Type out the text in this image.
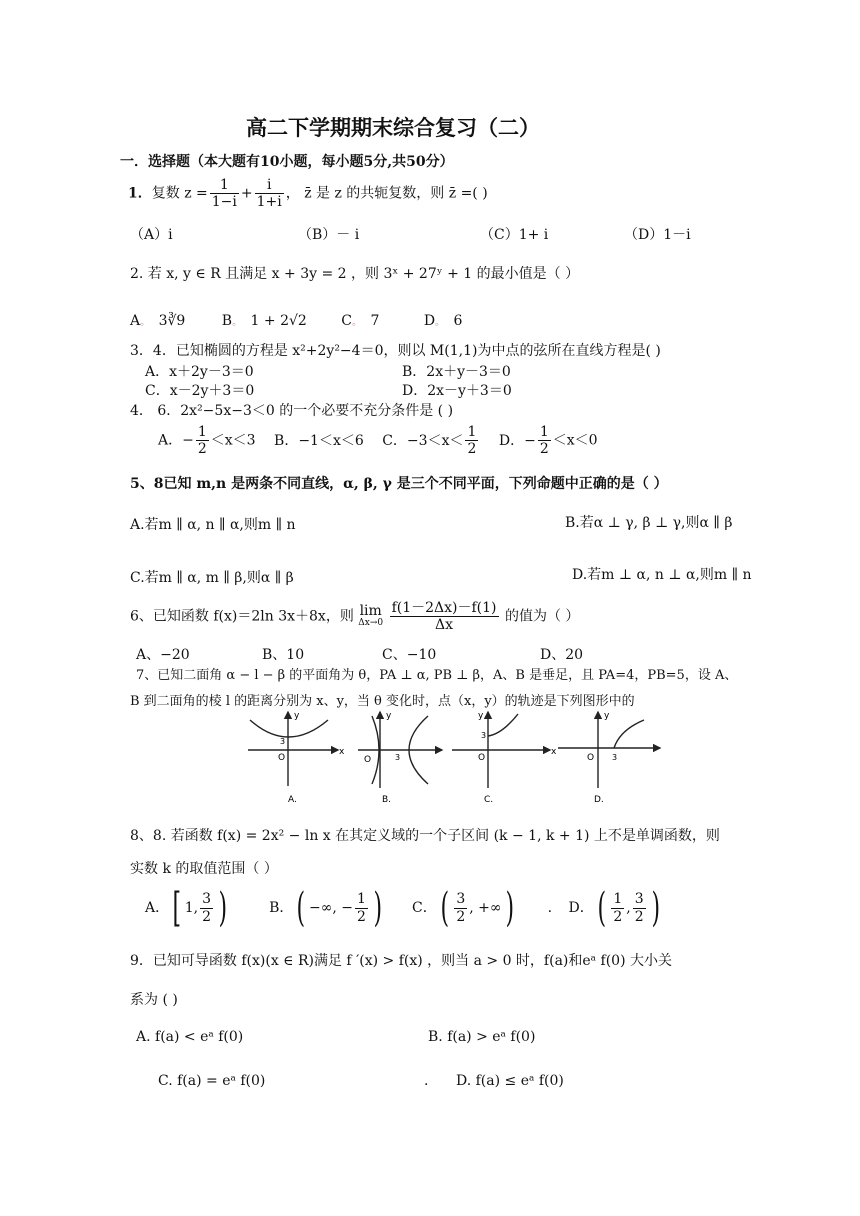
高二下学期期末综合复习（二）
一．选择题（本大题有10小题，每小题5分,共50分）
1．复数 $z = \frac{1}{1-i} + \frac{i}{1+i}$ ， z̄ 是 z 的共轭复数，则 z̄ =( )
（A）i	（B）－ i	（C）1+ i	（D）1－i
2. 若 x, y ∈ R 且满足 x + 3y = 2 ，则 3ˣ + 27ʸ + 1 的最小值是（ ）
A。 3∛9	B。 1 + 2√2 C。 7	D。 6
3．4．已知椭圆的方程是 x²+2y²−4＝0，则以 M(1,1)为中点的弦所在直线方程是( )
A．x＋2y－3＝0	B．2x＋y－3＝0
C．x－2y＋3＝0	D．2x－y＋3＝0
4． 6．2x²−5x−3＜0 的一个必要不充分条件是 ( )
A．− $\frac{1}{2} <x<3$ B．−1＜x＜6 C．$-3<x< \frac{1}{2}$ D．− $\frac{1}{2} <x<0$
5、8已知 m,n 是两条不同直线，α, β, γ 是三个不同平面，下列命题中正确的是（ ）
A.若m ∥ α, n ∥ α,则m ∥ n	B.若α ⊥ γ, β ⊥ γ,则α ∥ β
C.若m ∥ α, m ∥ β,则α ∥ β	D.若m ⊥ α, n ⊥ α,则m ∥ n
6、已知函数 f(x)＝2ln 3x＋8x，则 lim
Δx→0
$\frac{f(1-2\Delta x)-f(1)}{\Delta x}$ 的值为（ ）
A、−20	B、10	C、−10	D、20
7、已知二面角 α − l − β 的平面角为 θ，PA ⊥ α, PB ⊥ β，A、B 是垂足，且 PA=4，PB=5，设 A、
B 到二面角的棱 l 的距离分别为 x、y，当 θ 变化时，点（x，y）的轨迹是下列图形中的
O
3
x
y
A.
O	3
y
B.
O
3
x
y
C.
O 3
y
D.
8、8. 若函数 f(x) = 2x² − ln x 在其定义域的一个子区间 (k − 1, k + 1) 上不是单调函数，则
实数 k 的取值范围（ ）
A．[ 1, $\frac{3}{2}$ )	B．( −∞, − $\frac{1}{2}$ ) C．( $\frac{3}{2}$ , +∞) . D．( $\frac{1}{2}$ , $\frac{3}{2}$ )
9．已知可导函数 f(x)(x ∈ R)满足 f ′(x) > f(x) ，则当 a > 0 时，f(a)和eᵃ f(0) 大小关
系为 ( )
A. f(a) < eᵃ f(0)	B. f(a) > eᵃ f(0)
C. f(a) = eᵃ f(0)	. D. f(a) ≤ eᵃ f(0)
